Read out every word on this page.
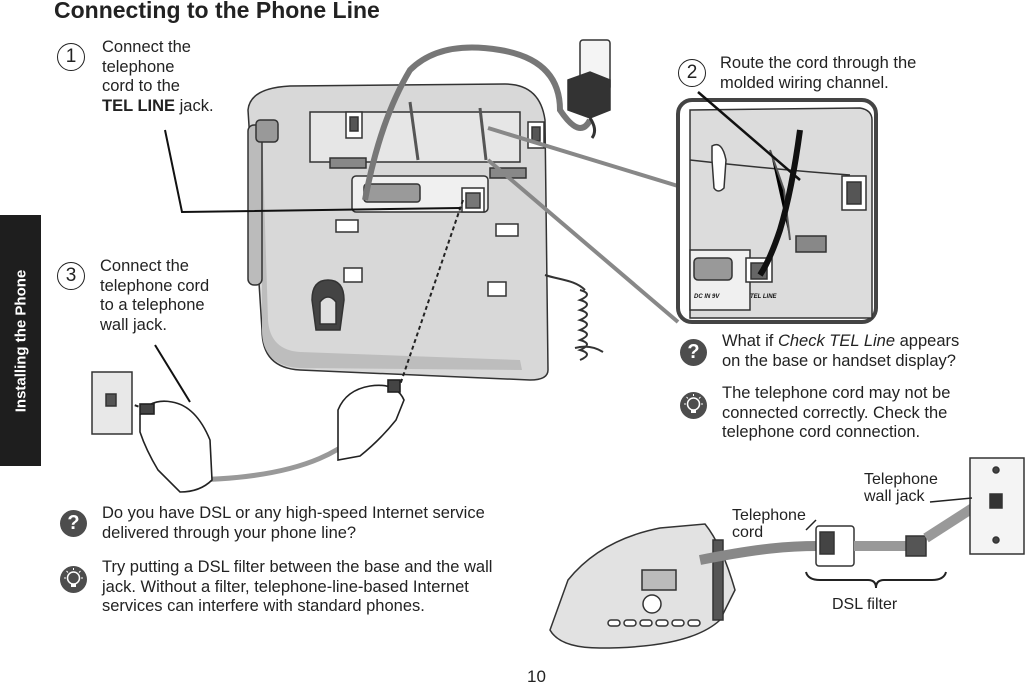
Connecting to the Phone Line
Installing the Phone	DC IN 9V	TEL LINE
1	Connect the
telephone
cord to the
TEL LINE jack.
2	Route the cord through the
molded wiring channel.
3	Connect the
telephone cord
to a telephone
wall jack.
?	What if Check TEL Line appears
on the base or handset display?
The telephone cord may not be
connected correctly. Check the
telephone cord connection.
?	Do you have DSL or any high-speed Internet service
delivered through your phone line?
Try putting a DSL filter between the base and the wall
jack. Without a filter, telephone-line-based Internet
services can interfere with standard phones.
Telephone
wall jack
Telephone
cord
DSL filter
10
